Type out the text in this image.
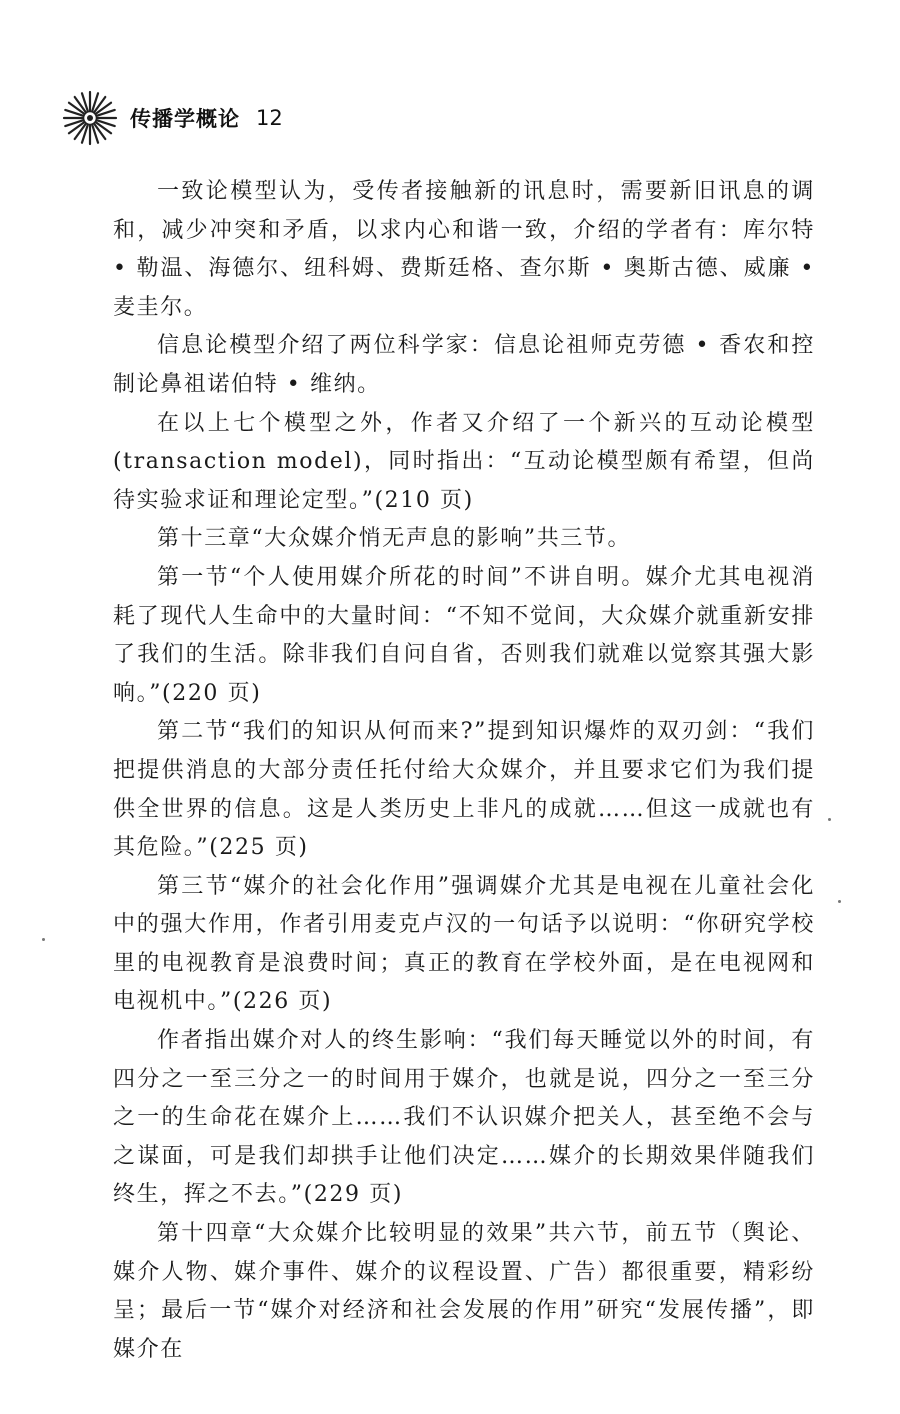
传播学概论 12

一致论模型认为，受传者接触新的讯息时，需要新旧讯息的调和，减少冲突和矛盾，以求内心和谐一致，介绍的学者有：库尔特 • 勒温、海德尔、纽科姆、费斯廷格、查尔斯 • 奥斯古德、威廉 • 麦圭尔。

信息论模型介绍了两位科学家：信息论祖师克劳德 • 香农和控制论鼻祖诺伯特 • 维纳。

在以上七个模型之外，作者又介绍了一个新兴的互动论模型(transaction model)，同时指出：“互动论模型颇有希望，但尚待实验求证和理论定型。”(210 页)

第十三章“大众媒介悄无声息的影响”共三节。

第一节“个人使用媒介所花的时间”不讲自明。媒介尤其电视消耗了现代人生命中的大量时间：“不知不觉间，大众媒介就重新安排了我们的生活。除非我们自问自省，否则我们就难以觉察其强大影响。”(220 页)

第二节“我们的知识从何而来?”提到知识爆炸的双刃剑：“我们把提供消息的大部分责任托付给大众媒介，并且要求它们为我们提供全世界的信息。这是人类历史上非凡的成就……但这一成就也有其危险。”(225 页)

第三节“媒介的社会化作用”强调媒介尤其是电视在儿童社会化中的强大作用，作者引用麦克卢汉的一句话予以说明：“你研究学校里的电视教育是浪费时间；真正的教育在学校外面，是在电视网和电视机中。”(226 页)

作者指出媒介对人的终生影响：“我们每天睡觉以外的时间，有四分之一至三分之一的时间用于媒介，也就是说，四分之一至三分之一的生命花在媒介上……我们不认识媒介把关人，甚至绝不会与之谋面，可是我们却拱手让他们决定……媒介的长期效果伴随我们终生，挥之不去。”(229 页)

第十四章“大众媒介比较明显的效果”共六节，前五节（舆论、媒介人物、媒介事件、媒介的议程设置、广告）都很重要，精彩纷呈；最后一节“媒介对经济和社会发展的作用”研究“发展传播”，即媒介在
